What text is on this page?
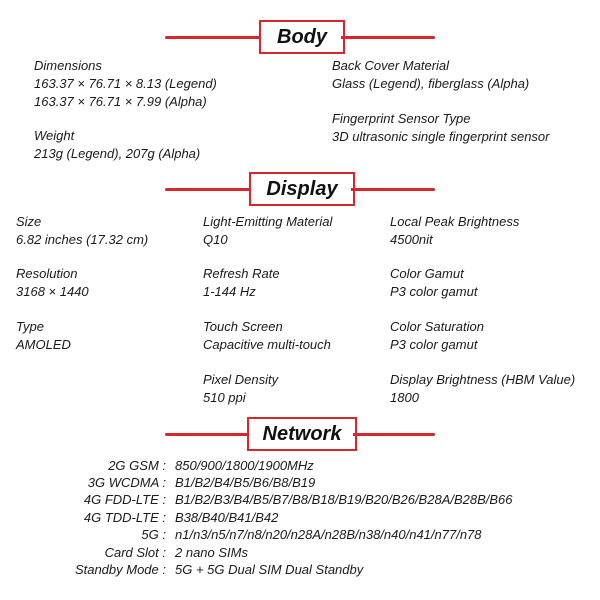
Body
Dimensions
163.37 × 76.71 × 8.13 (Legend)
163.37 × 76.71 × 7.99 (Alpha)
Weight
213g (Legend), 207g (Alpha)
Back Cover Material
Glass (Legend), fiberglass (Alpha)
Fingerprint Sensor Type
3D ultrasonic single fingerprint sensor
Display
Size
6.82 inches (17.32 cm)
Resolution
3168 × 1440
Type
AMOLED
Light-Emitting Material
Q10
Refresh Rate
1-144 Hz
Touch Screen
Capacitive multi-touch
Pixel Density
510 ppi
Local Peak Brightness
4500nit
Color Gamut
P3 color gamut
Color Saturation
P3 color gamut
Display Brightness (HBM Value)
1800
Network
2G GSM : 850/900/1800/1900MHz
3G WCDMA : B1/B2/B4/B5/B6/B8/B19
4G FDD-LTE : B1/B2/B3/B4/B5/B7/B8/B18/B19/B20/B26/B28A/B28B/B66
4G TDD-LTE : B38/B40/B41/B42
5G : n1/n3/n5/n7/n8/n20/n28A/n28B/n38/n40/n41/n77/n78
Card Slot : 2 nano SIMs
Standby Mode : 5G + 5G Dual SIM Dual Standby
